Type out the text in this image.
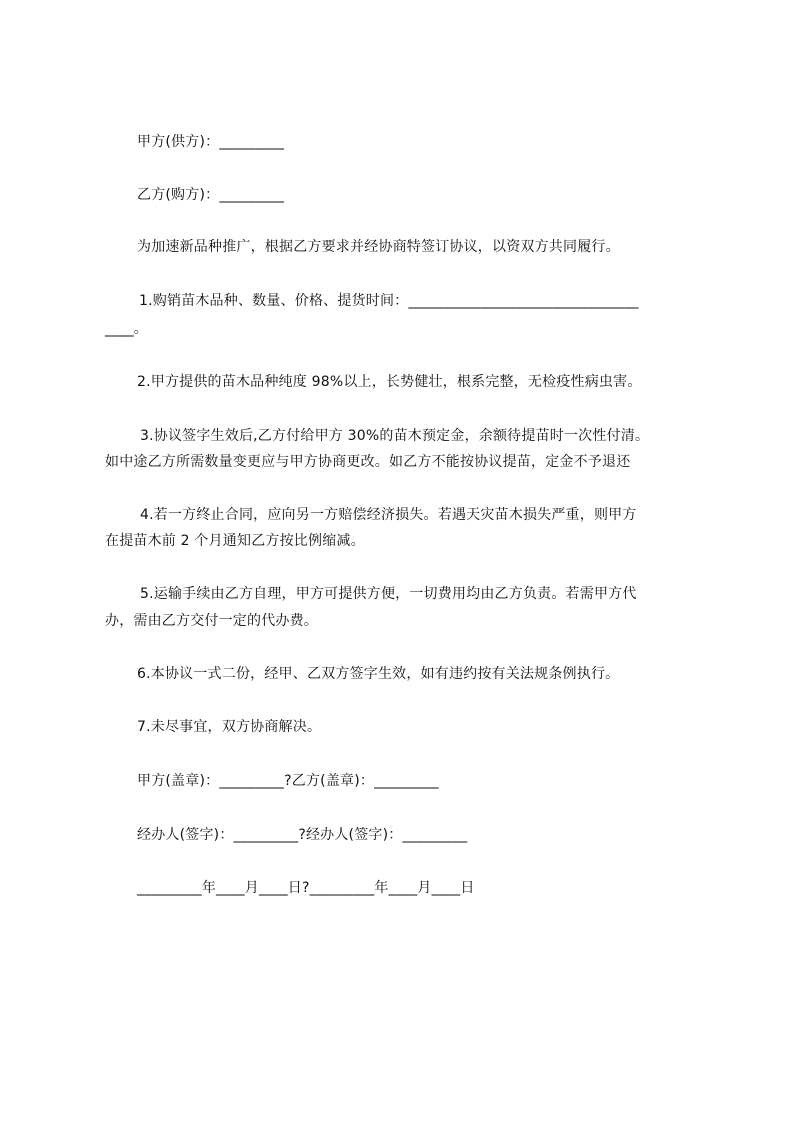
甲方(供方)：_________
乙方(购方)：_________
为加速新品种推广，根据乙方要求并经协商特签订协议，以资双方共同履行。
1.购销苗木品种、数量、价格、提货时间：________________________________
____。
2.甲方提供的苗木品种纯度 98%以上，长势健壮，根系完整，无检疫性病虫害。
3.协议签字生效后,乙方付给甲方 30%的苗木预定金，余额待提苗时一次性付清。
如中途乙方所需数量变更应与甲方协商更改。如乙方不能按协议提苗，定金不予退还
4.若一方终止合同，应向另一方赔偿经济损失。若遇天灾苗木损失严重，则甲方
在提苗木前 2 个月通知乙方按比例缩减。
5.运输手续由乙方自理，甲方可提供方便，一切费用均由乙方负责。若需甲方代
办，需由乙方交付一定的代办费。
6.本协议一式二份，经甲、乙双方签字生效，如有违约按有关法规条例执行。
7.未尽事宜，双方协商解决。
甲方(盖章)：_________?乙方(盖章)：_________
经办人(签字)：_________?经办人(签字)：_________
_________年____月____日?_________年____月____日
